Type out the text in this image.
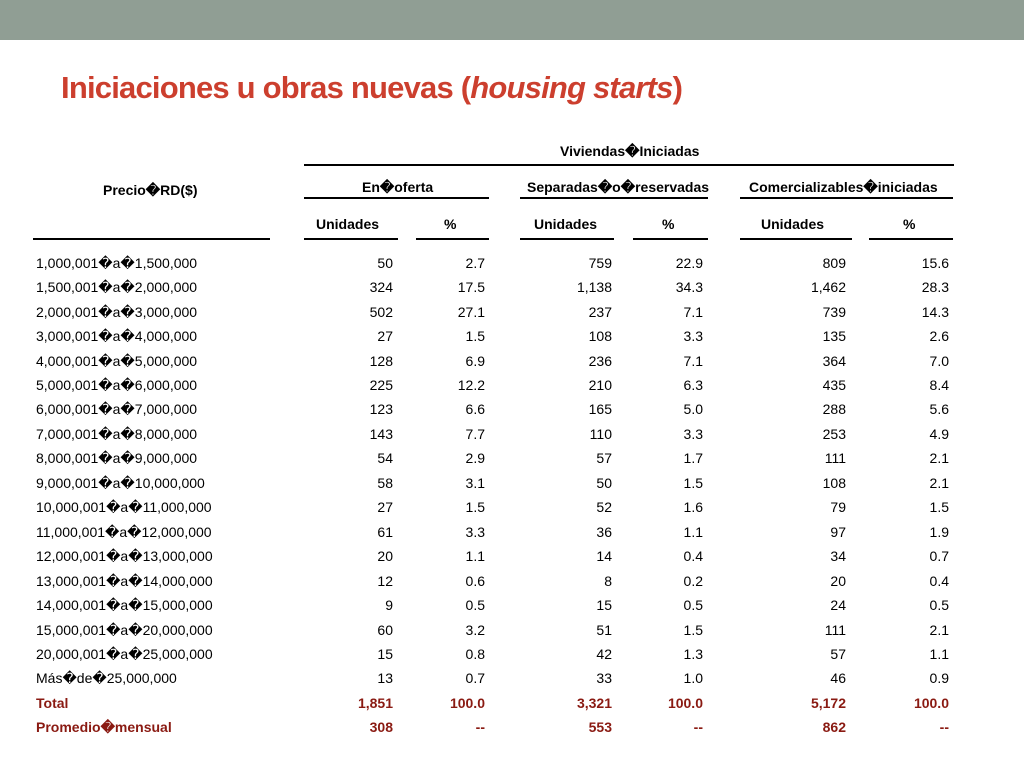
Iniciaciones u obras nuevas (housing starts)
Viviendas�Iniciadas
Precio�RD($)	En�oferta	Separadas�o�reservadas	Comercializables�iniciadas
Unidades	%	Unidades	%	Unidades	%
1,000,001�a�1,500,000	50	2.7	759	22.9	809	15.6
1,500,001�a�2,000,000	324	17.5	1,138	34.3	1,462	28.3
2,000,001�a�3,000,000	502	27.1	237	7.1	739	14.3
3,000,001�a�4,000,000	27	1.5	108	3.3	135	2.6
4,000,001�a�5,000,000	128	6.9	236	7.1	364	7.0
5,000,001�a�6,000,000	225	12.2	210	6.3	435	8.4
6,000,001�a�7,000,000	123	6.6	165	5.0	288	5.6
7,000,001�a�8,000,000	143	7.7	110	3.3	253	4.9
8,000,001�a�9,000,000	54	2.9	57	1.7	111	2.1
9,000,001�a�10,000,000	58	3.1	50	1.5	108	2.1
10,000,001�a�11,000,000	27	1.5	52	1.6	79	1.5
11,000,001�a�12,000,000	61	3.3	36	1.1	97	1.9
12,000,001�a�13,000,000	20	1.1	14	0.4	34	0.7
13,000,001�a�14,000,000	12	0.6	8	0.2	20	0.4
14,000,001�a�15,000,000	9	0.5	15	0.5	24	0.5
15,000,001�a�20,000,000	60	3.2	51	1.5	111	2.1
20,000,001�a�25,000,000	15	0.8	42	1.3	57	1.1
Más�de�25,000,000	13	0.7	33	1.0	46	0.9
Total	1,851	100.0	3,321	100.0	5,172	100.0
Promedio�mensual	308	--	553	--	862	--
